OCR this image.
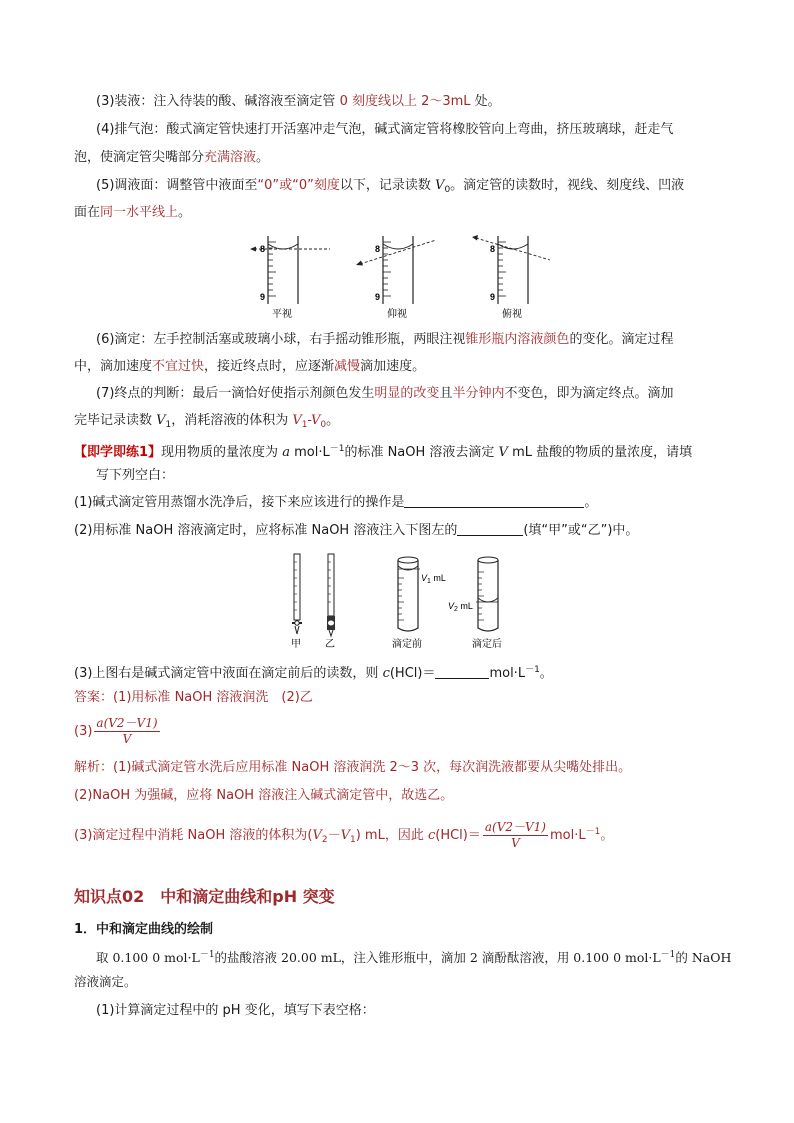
(3)装液：注入待装的酸、碱溶液至滴定管 0 刻度线以上 2～3mL 处。
(4)排气泡：酸式滴定管快速打开活塞冲走气泡，碱式滴定管将橡胶管向上弯曲，挤压玻璃球，赶走气
泡，使滴定管尖嘴部分充满溶液。
(5)调液面：调整管中液面至“0”或“0”刻度以下，记录读数 $V_0$。滴定管的读数时，视线、刻度线、凹液
面在同一水平线上。
8
9
平视
8
9
仰视
8
9
俯视
(6)滴定：左手控制活塞或玻璃小球，右手摇动锥形瓶，两眼注视锥形瓶内溶液颜色的变化。滴定过程
中，滴加速度不宜过快，接近终点时，应逐渐减慢滴加速度。
(7)终点的判断：最后一滴恰好使指示剂颜色发生明显的改变且半分钟内不变色，即为滴定终点。滴加
完毕记录读数 $V_1$，消耗溶液的体积为 $V_1-V_0$。
【即学即练1】现用物质的量浓度为 a $mol\cdot L^{-1}$的标准 NaOH 溶液去滴定 V mL 盐酸的物质的量浓度，请填
写下列空白：
(1)碱式滴定管用蒸馏水洗净后，接下来应该进行的操作是	。
(2)用标准 NaOH 溶液滴定时，应将标准 NaOH 溶液注入下图左的	(填“甲”或“乙”)中。
甲 乙
$V_1$ mL
滴定前
$V_2$ mL
滴定后
(3)上图右是碱式滴定管中液面在滴定前后的读数，则 c(HCl)＝	$mol\cdot L^{-1}$。
答案：(1)用标准 NaOH 溶液润洗　(2)乙
$(3) \frac{a(V2-V1)}{V}$
解析：(1)碱式滴定管水洗后应用标准 NaOH 溶液润洗 2～3 次，每次润洗液都要从尖嘴处排出。
(2)NaOH 为强碱，应将 NaOH 溶液注入碱式滴定管中，故选乙。
(3)滴定过程中消耗 NaOH 溶液的体积为$(V_2-V_1)$ mL，因此 $c(HCl)= \frac{a(V2-V1)}{V} mol\cdot L^{-1}$。
知识点02　中和滴定曲线和pH 突变
1．中和滴定曲线的绘制
取 0.100 0 $mol\cdot L^{-1}$的盐酸溶液 20.00 mL，注入锥形瓶中，滴加 2 滴酚酞溶液，用 0.100 0 $mol\cdot L^{-1}$的 NaOH
溶液滴定。
(1)计算滴定过程中的 pH 变化，填写下表空格：
